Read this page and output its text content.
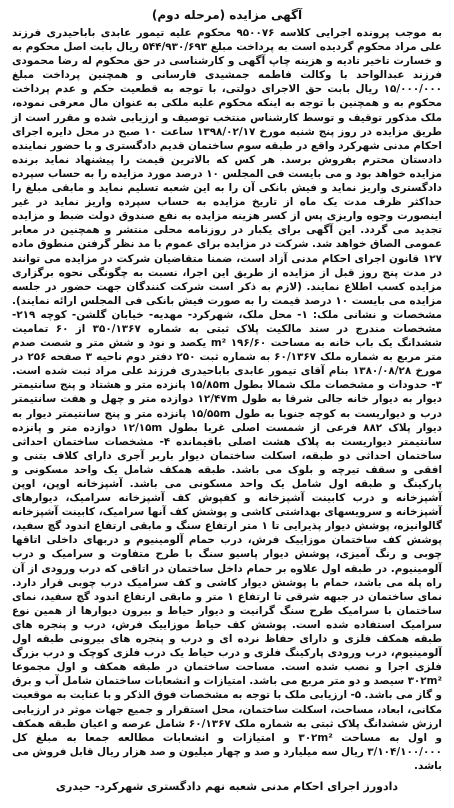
آگهی مزایده (مرحله دوم)

به موجب پرونده اجرایی کلاسه ۹۵۰۰۷۶ محکوم علیه تیمور عابدی باباحیدری فرزند علی مراد محکوم گردیده است به پرداخت مبلغ ۵۴۴/۹۳۰/۶۹۳ ریال بابت اصل محکوم به و خسارت تاخیر تادیه و هزینه چاپ آگهی و کارشناسی در حق محکوم له رضا محمودی فرزند عبدالواحد با وکالت فاطمه جمشیدی فارسانی و همچنین پرداخت مبلغ ۱۵/۰۰۰/۰۰۰ ریال بابت حق الاجرای دولتی، با توجه به قطعیت حکم و عدم پرداخت محکوم به و همچنین با توجه به اینکه محکوم علیه ملکی به عنوان مال معرفی نموده، ملک مذکور توقیف و توسط کارشناس منتخب توصیف و ارزیابی شده و مقرر است از طریق مزایده در روز پنج شنبه مورخ ۱۳۹۸/۰۲/۱۷ ساعت ۱۰ صبح در محل دایره اجرای احکام مدنی شهرکرد واقع در طبقه سوم ساختمان قدیم دادگستری و با حضور نماینده دادستان محترم بفروش برسد. هر کس که بالاترین قیمت را پیشنهاد نماید برنده مزایده خواهد بود و می بایست فی المجلس ۱۰ درصد مورد مزایده را به حساب سپرده دادگستری واریز نماید و فیش بانکی آن را به این شعبه تسلیم نماید و مابقی مبلغ را حداکثر ظرف مدت یک ماه از تاریخ مزایده به حساب سپرده واریز نماید در غیر اینصورت وجوه واریزی پس از کسر هزینه مزایده به نفع صندوق دولت ضبط و مزایده تجدید می گردد. این آگهی برای یکبار در روزنامه محلی منتشر و همچنین در معابر عمومی الصاق خواهد شد. شرکت در مزایده برای عموم با مد نظر گرفتن منطوق ماده ۱۲۷ قانون اجرای احکام مدنی آزاد است، ضمنا متقاضیان شرکت در مزایده می توانند در مدت پنج روز قبل از مزایده از طریق این اجرا، نسبت به چگونگی نحوه برگزاری مزایده کسب اطلاع نمایند. (لازم به ذکر است شرکت کنندگان جهت حضور در جلسه مزایده می بایست ۱۰ درصد قیمت را به صورت فیش بانکی فی المجلس ارائه نمایند). مشخصات و نشانی ملک: ۱- محل ملک، شهرکرد- مهدیه- خیابان گلشن- کوچه ۲۱۹- مشخصات مندرج در سند مالکیت پلاک ثبتی به شماره ۳۵۰/۱۳۶۷ از ۶۰ تمامیت ششدانگ یک باب خانه به مساحت ۱۹۶/۶۰ m² یکصد و نود و شش متر و شصت صدم متر مربع به شماره ملک ۶۰/۱۳۶۷ به شماره ثبت ۲۵۰ دفتر دوم ناحیه ۳ صفحه ۲۵۶ در مورخ ۱۳۸۰/۰۸/۲۸ بنام آقای تیمور عابدی باباحیدری فرزند علی مراد ثبت شده است. ۳- حدودات و مشخصات ملک شمالا بطول ۱۵/۸۵m پانزده متر و هشتاد و پنج سانتیمتر دیوار به دیوار خانه جالی شرقا به طول ۱۲/۴۷m دوازده متر و چهل و هفت سانتیمتر درب و دیواریست به کوچه جنوبا به طول ۱۵/۵۵m پانزده متر و پنج سانتیمتر دیوار به دیوار پلاک ۸۸۲ فرعی از شمست اصلی غربا بطول ۱۲/۱۵m دوازده متر و پانزده سانتیمتر دیواریست به پلاک هشت اصلی باقیمانده ۴- مشخصات ساختمان احداثی ساختمان احداثی دو طبقه، اسکلت ساختمان دیوار باربر آجری دارای کلاف بتنی و افقی و سقف تیرچه و بلوک می باشد. طبقه همکف شامل یک واحد مسکونی و پارکینگ و طبقه اول شامل یک واحد مسکونی می باشد. آشپزخانه اوپن، اوپن آشپزخانه و درب کابینت آشپزخانه و کفپوش کف آشپزخانه سرامیک، دیوارهای آشپزخانه و سرویسهای بهداشتی کاشی و پوشش کف آنها سرامیک، کابینت آشپزخانه گالوانیزه، پوشش دیوار پذیرایی تا ۱ متر ارتفاع سنگ و مابقی ارتفاع اندود گچ سفید، پوشش کف ساختمان موزاییک فرش، درب حمام آلومینیوم و دربهای داخلی اتاقها چوبی و رنگ آمیزی، پوشش دیوار پاسیو سنگ با طرح متفاوت و سرامیک و درب آلومینیوم. در طبقه اول علاوه بر حمام داخل ساختمان در اتاقی که درب ورودی از آن راه پله می باشد، حمام با پوشش دیوار کاشی و کف سرامیک درب چوبی قرار دارد. نمای ساختمان در جبهه شرقی تا ارتفاع ۱ متر و مابقی ارتفاع اندود گچ سفید، نمای ساختمان با سرامیک طرح سنگ گرانیت و دیوار حیاط و بیرون دیوارها از همین نوع سرامیک استفاده شده است. پوشش کف حیاط موزاییک فرش، درب و پنجره های طبقه همکف فلزی و دارای حفاظ نرده ای و درب و پنجره های بیرونی طبقه اول آلومینیوم، درب ورودی پارکینگ فلزی و درب حیاط یک درب فلزی کوچک و درب بزرگ فلزی اجرا و نصب شده است. مساحت ساختمان در طبقه همکف و اول مجموعا ۳۰۲m² سیصد و دو متر مربع می باشد. امتیازات و انشعابات ساختمان شامل آب و برق و گاز می باشد. ۵- ارزیابی ملک با توجه به مشخصات فوق الذکر و با عنایت به موقعیت مکانی، ابعاد، مساحت، اسکلت ساختمان، محل استقرار و جمیع جهات موثر در ارزیابی ارزش ششدانگ پلاک ثبتی به شماره ملک ۶۰/۱۳۶۷ شامل عرصه و اعیان طبقه همکف و اول به مساحت ۳۰۲m² و امتیازات و انشعابات مطالعه جمعا به مبلغ کل ۳/۱۰۴/۱۰۰/۰۰۰ ریال سه میلیارد و صد و چهار میلیون و صد هزار ریال قابل فروش می باشد.

دادورز اجرای احکام مدنی شعبه نهم دادگستری شهرکرد- حیدری
